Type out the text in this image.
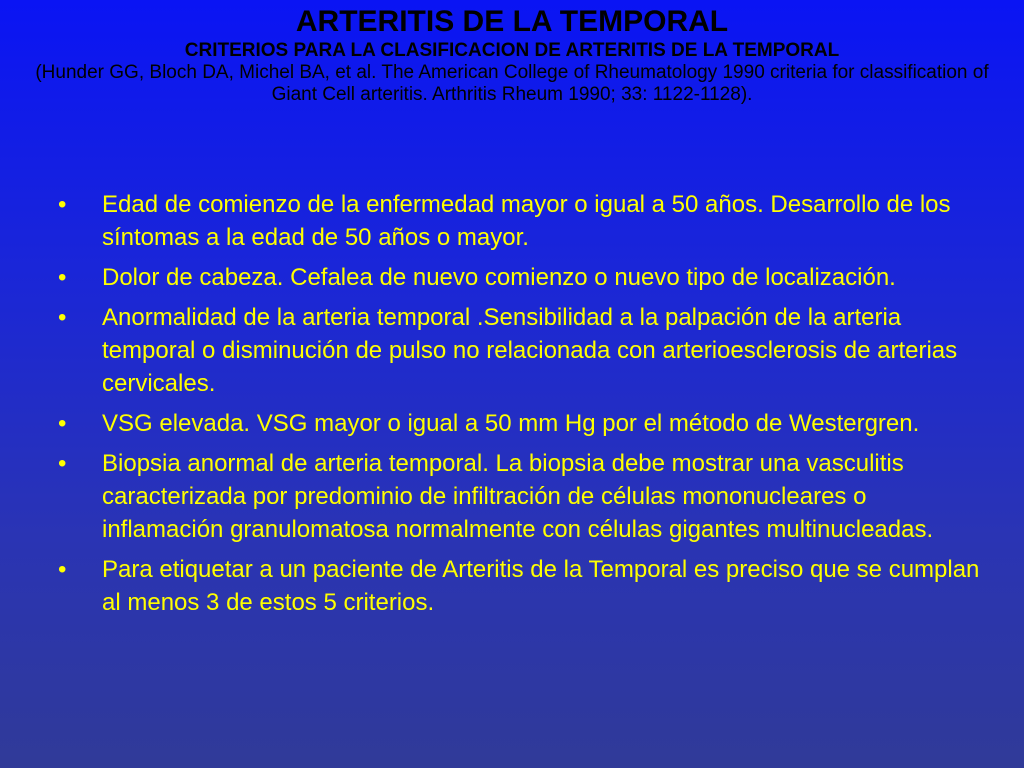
ARTERITIS DE LA TEMPORAL

CRITERIOS PARA LA CLASIFICACION DE ARTERITIS DE LA TEMPORAL

(Hunder GG, Bloch DA, Michel BA, et al. The American College of Rheumatology 1990 criteria for classification of Giant Cell arteritis. Arthritis Rheum 1990; 33: 1122-1128).

• Edad de comienzo de la enfermedad mayor o igual a 50 años. Desarrollo de los síntomas a la edad de 50 años o mayor.
• Dolor de cabeza. Cefalea de nuevo comienzo o nuevo tipo de localización.
• Anormalidad de la arteria temporal .Sensibilidad a la palpación de la arteria temporal o disminución de pulso no relacionada con arterioesclerosis de arterias cervicales.
• VSG elevada. VSG mayor o igual a 50 mm Hg por el método de Westergren.
• Biopsia anormal de arteria temporal. La biopsia debe mostrar una vasculitis caracterizada por predominio de infiltración de células mononucleares o inflamación granulomatosa normalmente con células gigantes multinucleadas.
• Para etiquetar a un paciente de Arteritis de la Temporal es preciso que se cumplan al menos 3 de estos 5 criterios.
